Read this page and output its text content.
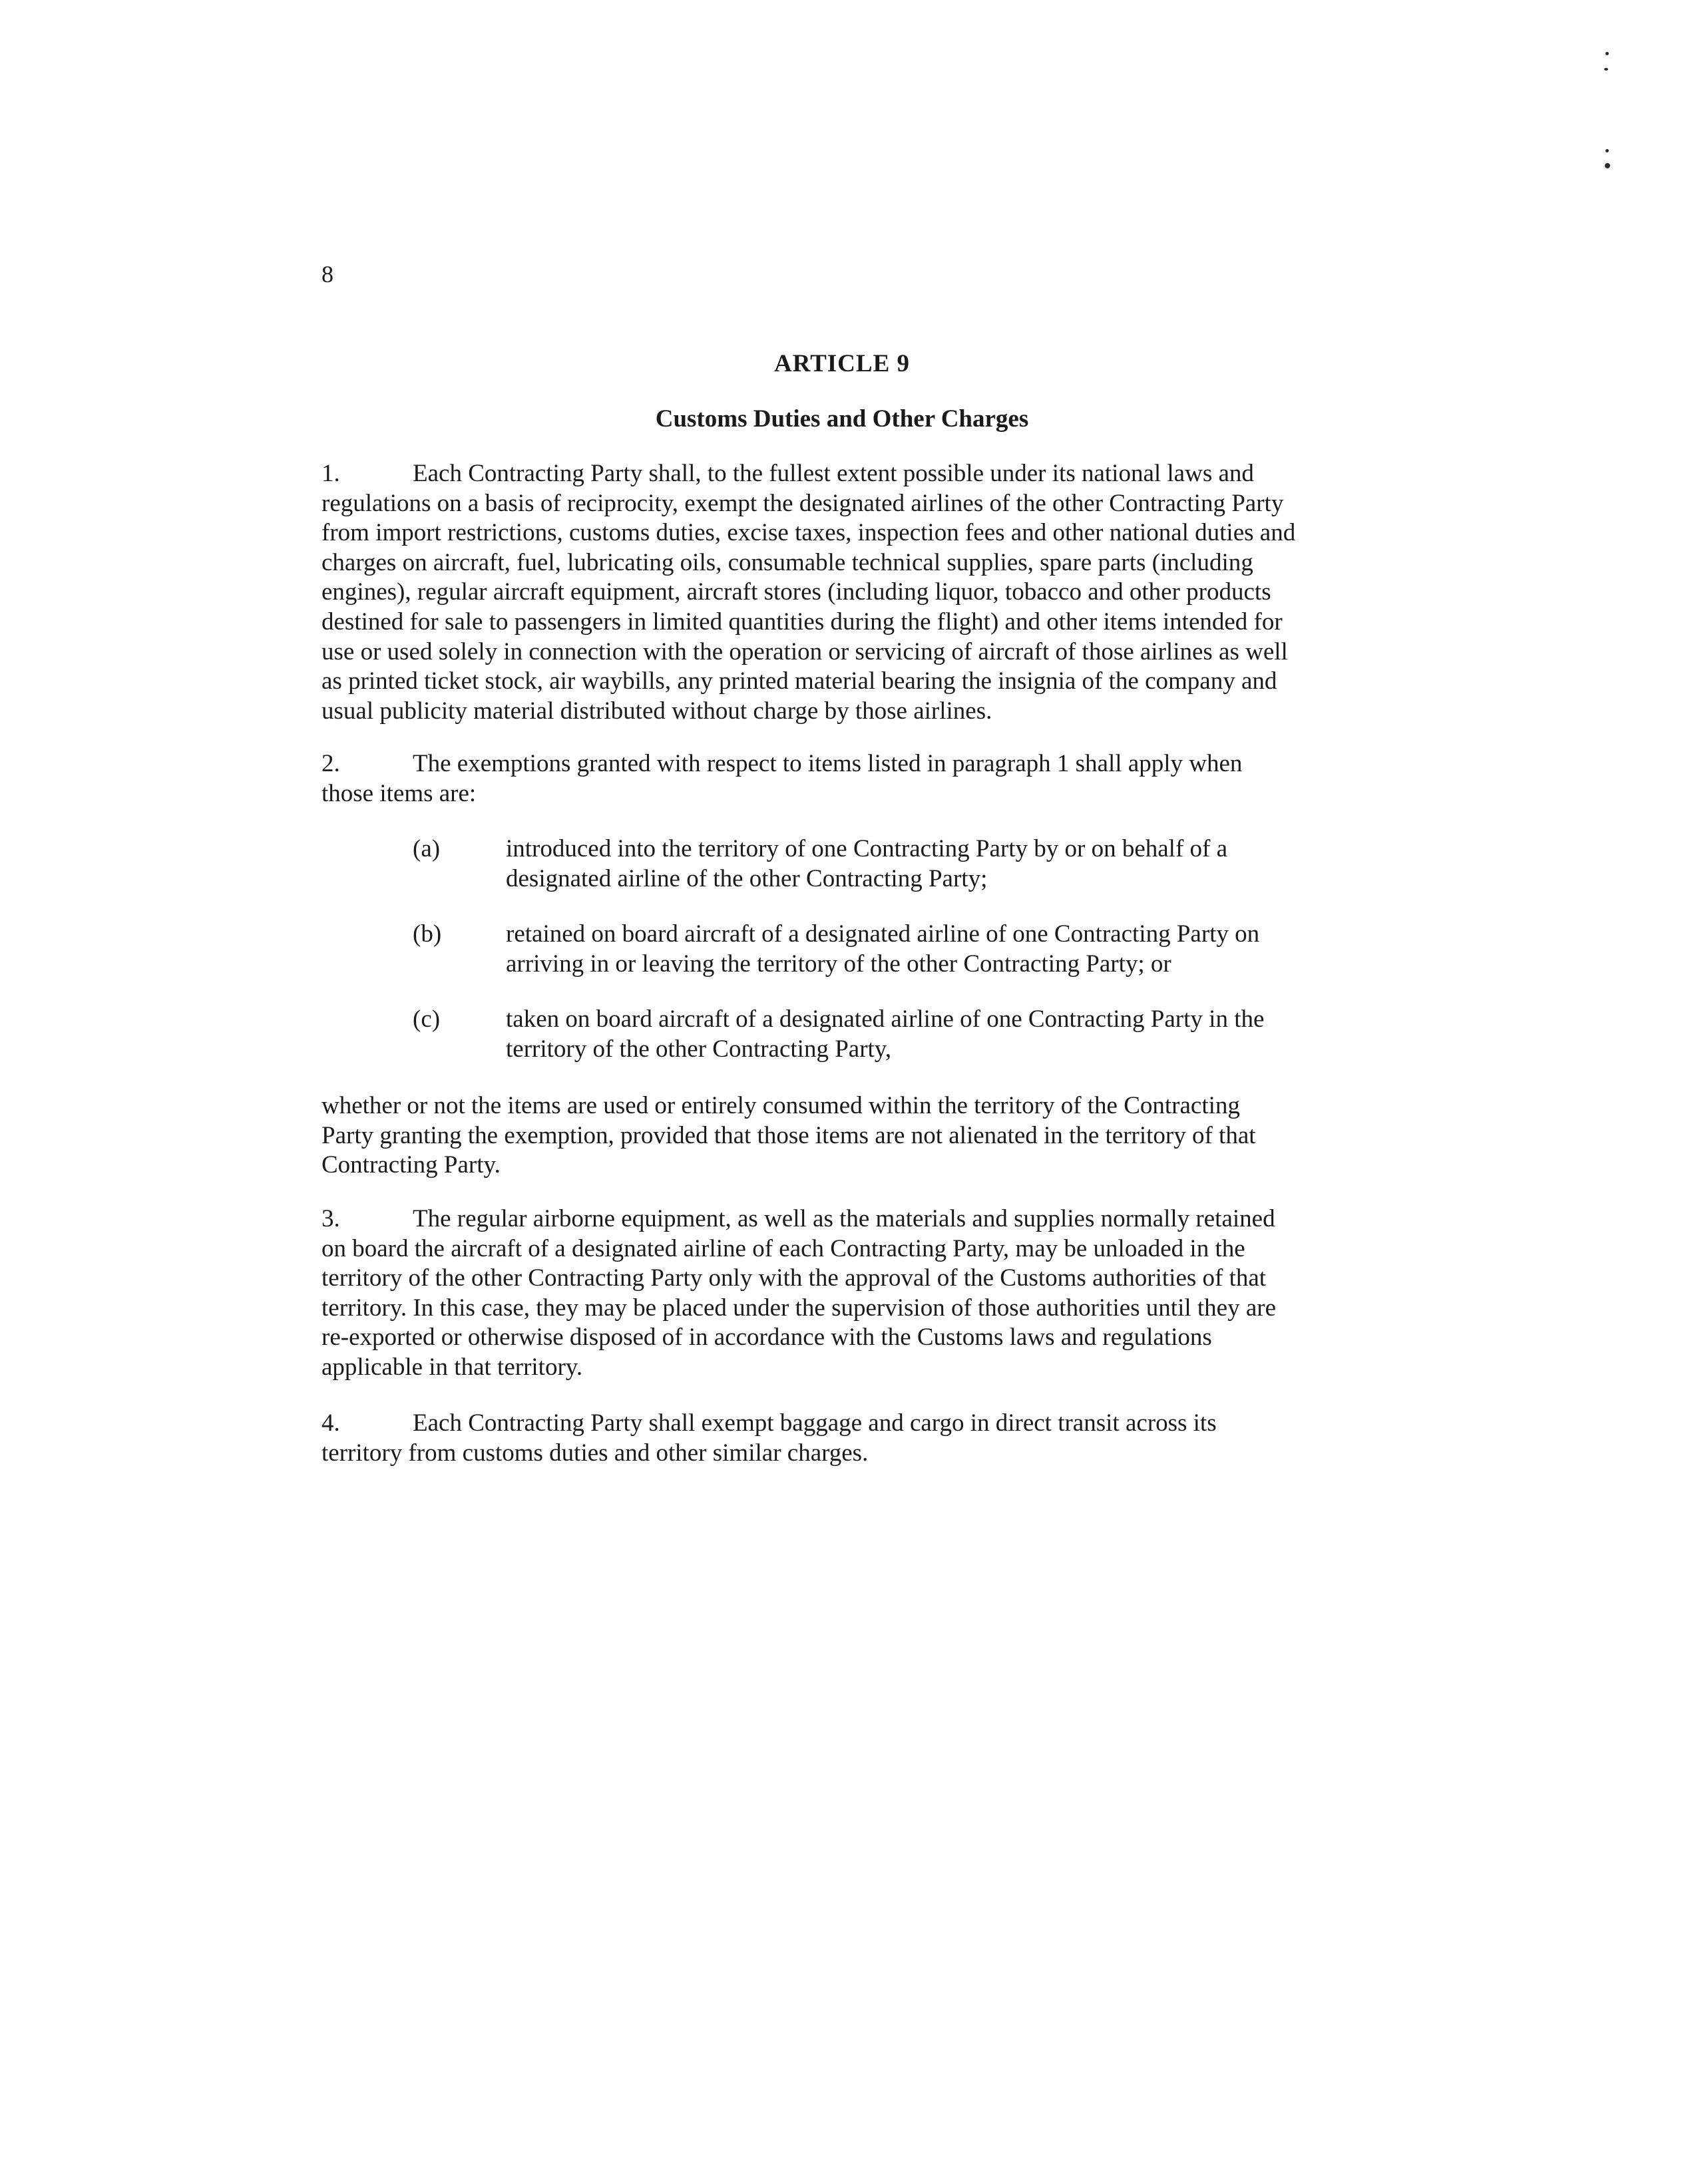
8
ARTICLE 9
Customs Duties and Other Charges
1.	Each Contracting Party shall, to the fullest extent possible under its national laws and
regulations on a basis of reciprocity, exempt the designated airlines of the other Contracting Party
from import restrictions, customs duties, excise taxes, inspection fees and other national duties and
charges on aircraft, fuel, lubricating oils, consumable technical supplies, spare parts (including
engines), regular aircraft equipment, aircraft stores (including liquor, tobacco and other products
destined for sale to passengers in limited quantities during the flight) and other items intended for
use or used solely in connection with the operation or servicing of aircraft of those airlines as well
as printed ticket stock, air waybills, any printed material bearing the insignia of the company and
usual publicity material distributed without charge by those airlines.
2.	The exemptions granted with respect to items listed in paragraph 1 shall apply when
those items are:
(a)	introduced into the territory of one Contracting Party by or on behalf of a
designated airline of the other Contracting Party;
(b)	retained on board aircraft of a designated airline of one Contracting Party on
arriving in or leaving the territory of the other Contracting Party; or
(c)	taken on board aircraft of a designated airline of one Contracting Party in the
territory of the other Contracting Party,
whether or not the items are used or entirely consumed within the territory of the Contracting
Party granting the exemption, provided that those items are not alienated in the territory of that
Contracting Party.
3.	The regular airborne equipment, as well as the materials and supplies normally retained
on board the aircraft of a designated airline of each Contracting Party, may be unloaded in the
territory of the other Contracting Party only with the approval of the Customs authorities of that
territory. In this case, they may be placed under the supervision of those authorities until they are
re-exported or otherwise disposed of in accordance with the Customs laws and regulations
applicable in that territory.
4.	Each Contracting Party shall exempt baggage and cargo in direct transit across its
territory from customs duties and other similar charges.
